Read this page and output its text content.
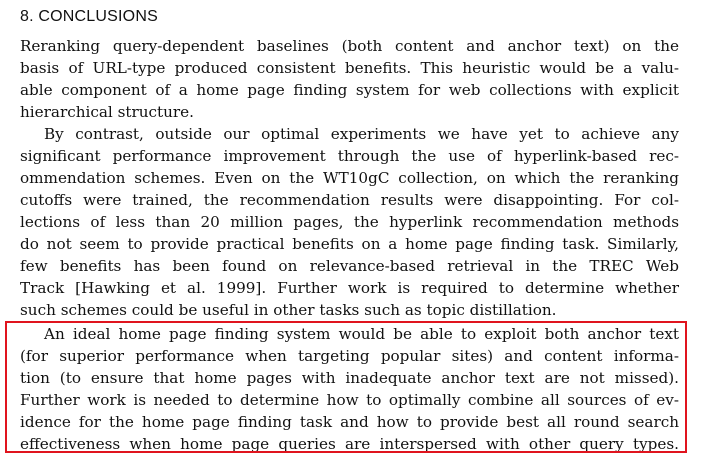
8. CONCLUSIONS
Reranking query-dependent baselines (both content and anchor text) on the
basis of URL-type produced consistent benefits. This heuristic would be a valu-
able component of a home page finding system for web collections with explicit
hierarchical structure.
By contrast, outside our optimal experiments we have yet to achieve any
significant performance improvement through the use of hyperlink-based rec-
ommendation schemes. Even on the WT10gC collection, on which the reranking
cutoffs were trained, the recommendation results were disappointing. For col-
lections of less than 20 million pages, the hyperlink recommendation methods
do not seem to provide practical benefits on a home page finding task. Similarly,
few benefits has been found on relevance-based retrieval in the TREC Web
Track [Hawking et al. 1999]. Further work is required to determine whether
such schemes could be useful in other tasks such as topic distillation.
An ideal home page finding system would be able to exploit both anchor text
(for superior performance when targeting popular sites) and content informa-
tion (to ensure that home pages with inadequate anchor text are not missed).
Further work is needed to determine how to optimally combine all sources of ev-
idence for the home page finding task and how to provide best all round search
effectiveness when home page queries are interspersed with other query types.
